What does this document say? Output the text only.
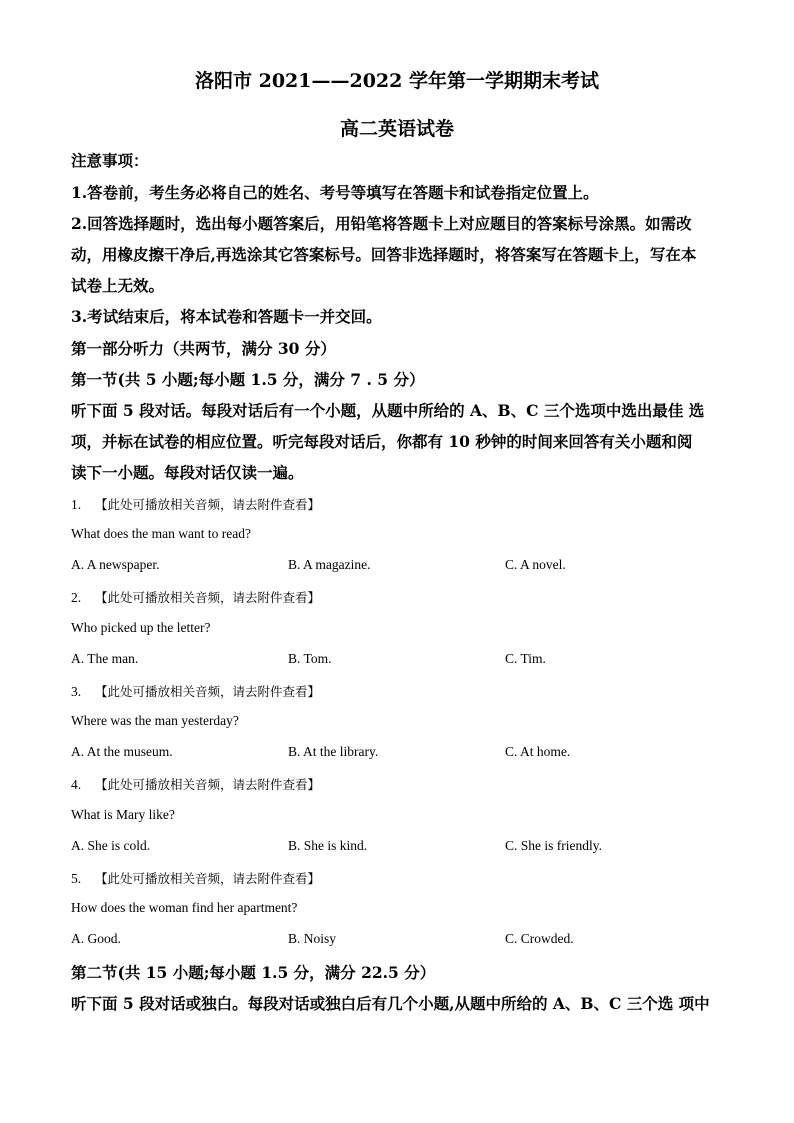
洛阳市 2021——2022 学年第一学期期末考试
高二英语试卷
注意事项：
1.答卷前，考生务必将自己的姓名、考号等填写在答题卡和试卷指定位置上。
2.回答选择题时，选出每小题答案后，用铅笔将答题卡上对应题目的答案标号涂黑。如需改
动，用橡皮擦干净后,再选涂其它答案标号。回答非选择题时，将答案写在答题卡上，写在本
试卷上无效。
3.考试结束后，将本试卷和答题卡一并交回。
第一部分听力（共两节，满分 30 分）
第一节(共 5 小题;每小题 1.5 分，满分 7 . 5 分）
听下面 5 段对话。每段对话后有一个小题，从题中所给的 A、B、C 三个选项中选出最佳 选
项，并标在试卷的相应位置。听完每段对话后，你都有 10 秒钟的时间来回答有关小题和阅
读下一小题。每段对话仅读一遍。
1. 【此处可播放相关音频，请去附件查看】
What does the man want to read?
A. A newspaper.	B. A magazine.	C. A novel.
2. 【此处可播放相关音频，请去附件查看】
Who picked up the letter?
A. The man.	B. Tom.	C. Tim.
3. 【此处可播放相关音频，请去附件查看】
Where was the man yesterday?
A. At the museum.	B. At the library.	C. At home.
4. 【此处可播放相关音频，请去附件查看】
What is Mary like?
A. She is cold.	B. She is kind.	C. She is friendly.
5. 【此处可播放相关音频，请去附件查看】
How does the woman find her apartment?
A. Good.	B. Noisy	C. Crowded.
第二节(共 15 小题;每小题 1.5 分，满分 22.5 分）
听下面 5 段对话或独白。每段对话或独白后有几个小题,从题中所给的 A、B、C 三个选 项中
